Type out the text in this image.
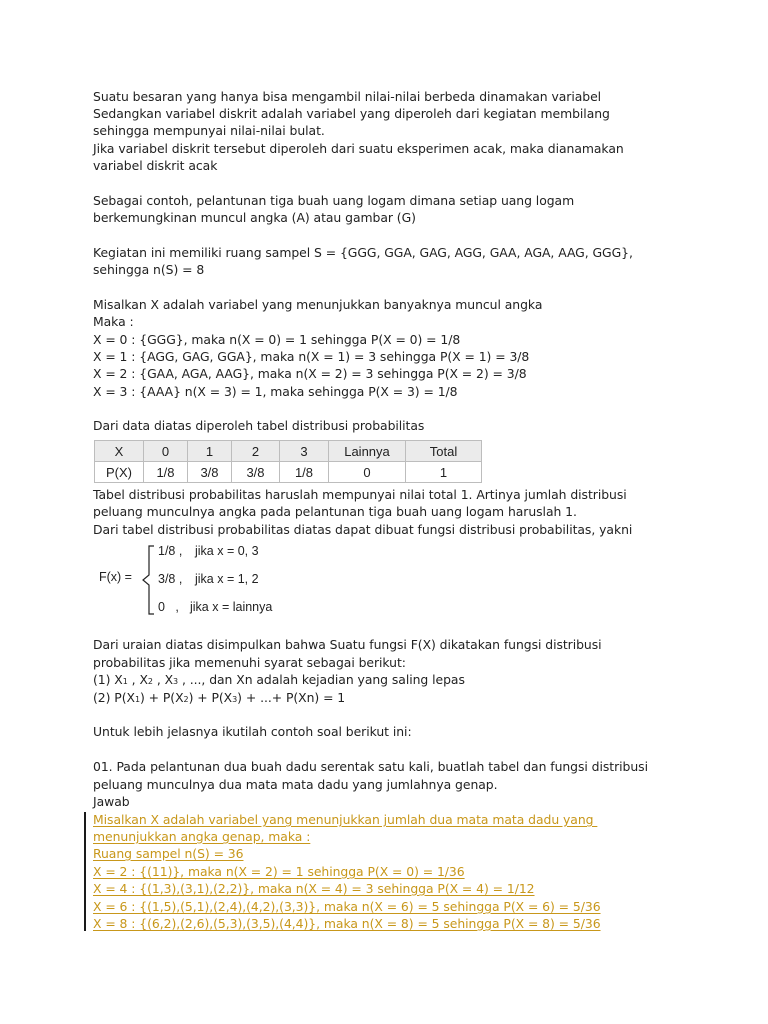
Suatu besaran yang hanya bisa mengambil nilai-nilai berbeda dinamakan variabel
Sedangkan variabel diskrit adalah variabel yang diperoleh dari kegiatan membilang
sehingga mempunyai nilai-nilai bulat.
Jika variabel diskrit tersebut diperoleh dari suatu eksperimen acak, maka dianamakan
variabel diskrit acak
Sebagai contoh, pelantunan tiga buah uang logam dimana setiap uang logam
berkemungkinan muncul angka (A) atau gambar (G)
Kegiatan ini memiliki ruang sampel S = {GGG, GGA, GAG, AGG, GAA, AGA, AAG, GGG},
sehingga n(S) = 8
Misalkan X adalah variabel yang menunjukkan banyaknya muncul angka
Maka :
X = 0 : {GGG}, maka n(X = 0) = 1 sehingga P(X = 0) = 1/8
X = 1 : {AGG, GAG, GGA}, maka n(X = 1) = 3 sehingga P(X = 1) = 3/8
X = 2 : {GAA, AGA, AAG}, maka n(X = 2) = 3 sehingga P(X = 2) = 3/8
X = 3 : {AAA} n(X = 3) = 1, maka sehingga P(X = 3) = 1/8
Dari data diatas diperoleh tabel distribusi probabilitas
X	0	1	2	3	Lainnya	Total
P(X)	1/8	3/8	3/8	1/8	0	1
Tabel distribusi probabilitas haruslah mempunyai nilai total 1. Artinya jumlah distribusi
peluang munculnya angka pada pelantunan tiga buah uang logam haruslah 1.
Dari tabel distribusi probabilitas diatas dapat dibuat fungsi distribusi probabilitas, yakni
F(x) =
1/8 , jika x = 0, 3
3/8 , jika x = 1, 2
0   , jika x = lainnya
Dari uraian diatas disimpulkan bahwa Suatu fungsi F(X) dikatakan fungsi distribusi
probabilitas jika memenuhi syarat sebagai berikut:
(1) X1 , X2 , X3 , ..., dan Xn adalah kejadian yang saling lepas
(2) P(X1) + P(X2) + P(X3) + ...+ P(Xn) = 1
Untuk lebih jelasnya ikutilah contoh soal berikut ini:
01. Pada pelantunan dua buah dadu serentak satu kali, buatlah tabel dan fungsi distribusi
peluang munculnya dua mata mata dadu yang jumlahnya genap.
Jawab
Misalkan X adalah variabel yang menunjukkan jumlah dua mata mata dadu yang
menunjukkan angka genap, maka :
Ruang sampel n(S) = 36
X = 2 : {(11)}, maka n(X = 2) = 1 sehingga P(X = 0) = 1/36
X = 4 : {(1,3),(3,1),(2,2)}, maka n(X = 4) = 3 sehingga P(X = 4) = 1/12
X = 6 : {(1,5),(5,1),(2,4),(4,2),(3,3)}, maka n(X = 6) = 5 sehingga P(X = 6) = 5/36
X = 8 : {(6,2),(2,6),(5,3),(3,5),(4,4)}, maka n(X = 8) = 5 sehingga P(X = 8) = 5/36
